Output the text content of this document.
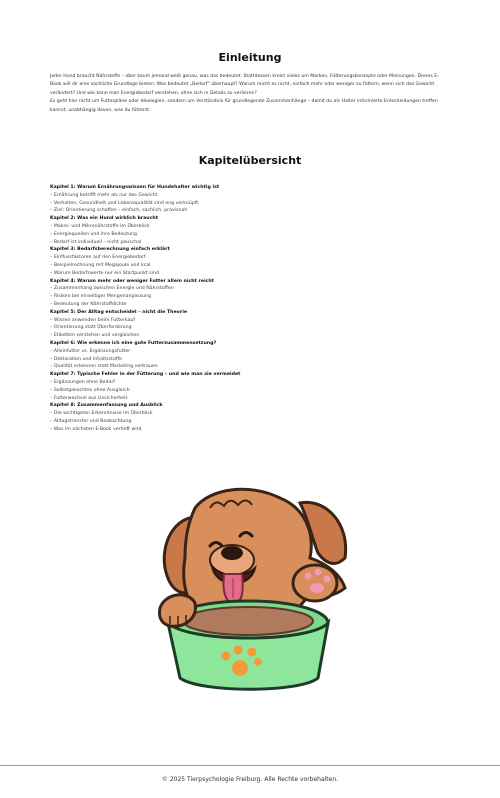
Einleitung

Jeder Hund braucht Nährstoffe – aber kaum jemand weiß genau, was das bedeutet. Stattdessen kreist vieles um Marken, Fütterungskonzepte oder Meinungen. Dieses E-Book will dir eine sachliche Grundlage bieten: Was bedeutet „Bedarf“ überhaupt? Warum reicht es nicht, einfach mehr oder weniger zu füttern, wenn sich das Gewicht verändert? Und wie kann man Energiebedarf verstehen, ohne sich in Details zu verlieren?

Es geht hier nicht um Futterpläne oder Ideologien, sondern um Verständnis für grundlegende Zusammenhänge – damit du als Halter informierte Entscheidungen treffen kannst, unabhängig davon, was du fütterst.

Kapitelübersicht
Kapitel 1: Warum Ernährungswissen für Hundehalter wichtig ist
– Ernährung betrifft mehr als nur das Gewicht
– Verhalten, Gesundheit und Lebensqualität sind eng verknüpft
– Ziel: Orientierung schaffen – einfach, sachlich, praxisnah
Kapitel 2: Was ein Hund wirklich braucht
– Makro- und Mikronährstoffe im Überblick
– Energiequellen und ihre Bedeutung
– Bedarf ist individuell – nicht pauschal
Kapitel 3: Bedarfsberechnung einfach erklärt
– Einflussfaktoren auf den Energiebedarf
– Beispielrechnung mit Megajoule und kcal
– Warum Bedarfswerte nur ein Startpunkt sind
Kapitel 4: Warum mehr oder weniger Futter allein nicht reicht
– Zusammenhang zwischen Energie und Nährstoffen
– Risiken bei einseitiger Mengenanpassung
– Bedeutung der Nährstoffdichte
Kapitel 5: Der Alltag entscheidet – nicht die Theorie
– Wissen anwenden beim Futterkauf
– Orientierung statt Überforderung
– Etiketten verstehen und vergleichen
Kapitel 6: Wie erkenne ich eine gute Futterzusammensetzung?
– Alleinfutter vs. Ergänzungsfutter
– Deklaration und Inhaltsstoffe
– Qualität erkennen statt Marketing vertrauen
Kapitel 7: Typische Fehler in der Fütterung – und wie man sie vermeidet
– Ergänzungen ohne Bedarf
– Selbstgekochtes ohne Ausgleich
– Futterwechsel aus Unsicherheit
Kapitel 8: Zusammenfassung und Ausblick
– Die wichtigsten Erkenntnisse im Überblick
– Alltagstransfer und Beobachtung
– Was im nächsten E-Book vertieft wird
© 2025 Tierpsychologie Freiburg. Alle Rechte vorbehalten.
